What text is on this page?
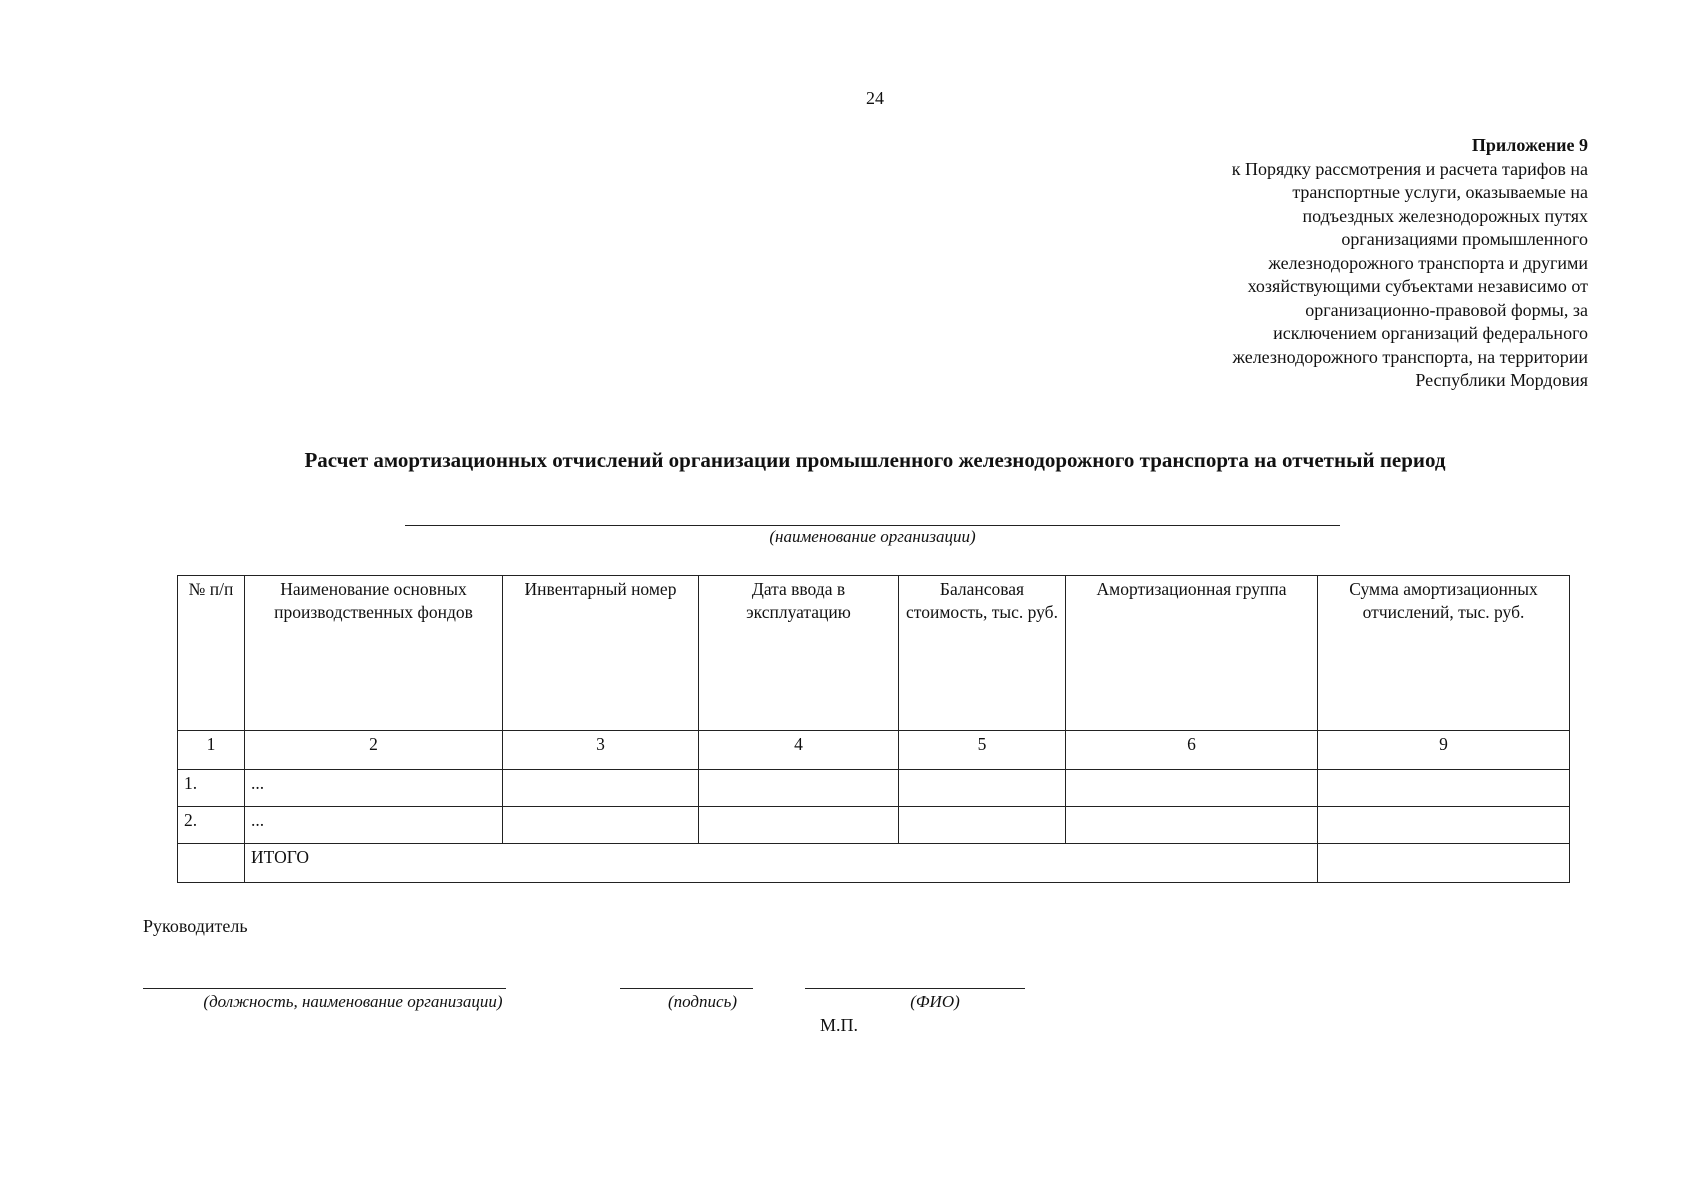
24
Приложение 9
к Порядку рассмотрения и расчета тарифов на
транспортные услуги, оказываемые на
подъездных железнодорожных путях
организациями промышленного
железнодорожного транспорта и другими
хозяйствующими субъектами независимо от
организационно-правовой формы, за
исключением организаций федерального
железнодорожного транспорта, на территории
Республики Мордовия
Расчет амортизационных отчислений организации промышленного железнодорожного транспорта на отчетный период
(наименование организации)
№ п/п	Наименование основных производственных фондов	Инвентарный номер	Дата ввода в эксплуатацию	Балансовая стоимость, тыс. руб.	Амортизационная группа	Сумма амортизационных отчислений, тыс. руб.
1	2	3	4	5	6	9
1.	...					
2.	...					
	ИТОГО					
Руководитель
(должность, наименование организации)	(подпись)	(ФИО)
М.П.
